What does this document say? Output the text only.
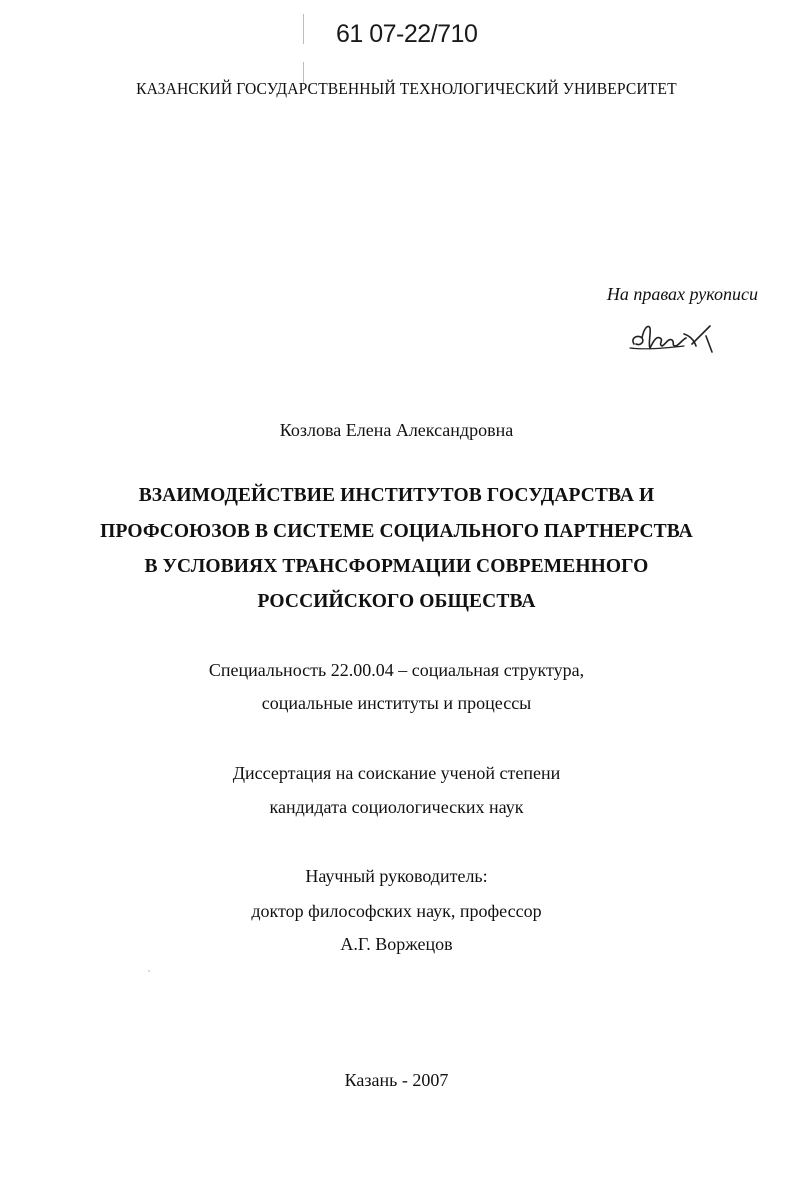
61 07-22/710
КАЗАНСКИЙ ГОСУДАРСТВЕННЫЙ ТЕХНОЛОГИЧЕСКИЙ УНИВЕРСИТЕТ
На правах рукописи
Козлова Елена Александровна
ВЗАИМОДЕЙСТВИЕ ИНСТИТУТОВ ГОСУДАРСТВА И
ПРОФСОЮЗОВ В СИСТЕМЕ СОЦИАЛЬНОГО ПАРТНЕРСТВА
В УСЛОВИЯХ ТРАНСФОРМАЦИИ СОВРЕМЕННОГО
РОССИЙСКОГО ОБЩЕСТВА
Специальность 22.00.04 – социальная структура,
социальные институты и процессы
Диссертация на соискание ученой степени
кандидата социологических наук
Научный руководитель:
доктор философских наук, профессор
А.Г. Воржецов
Казань - 2007
